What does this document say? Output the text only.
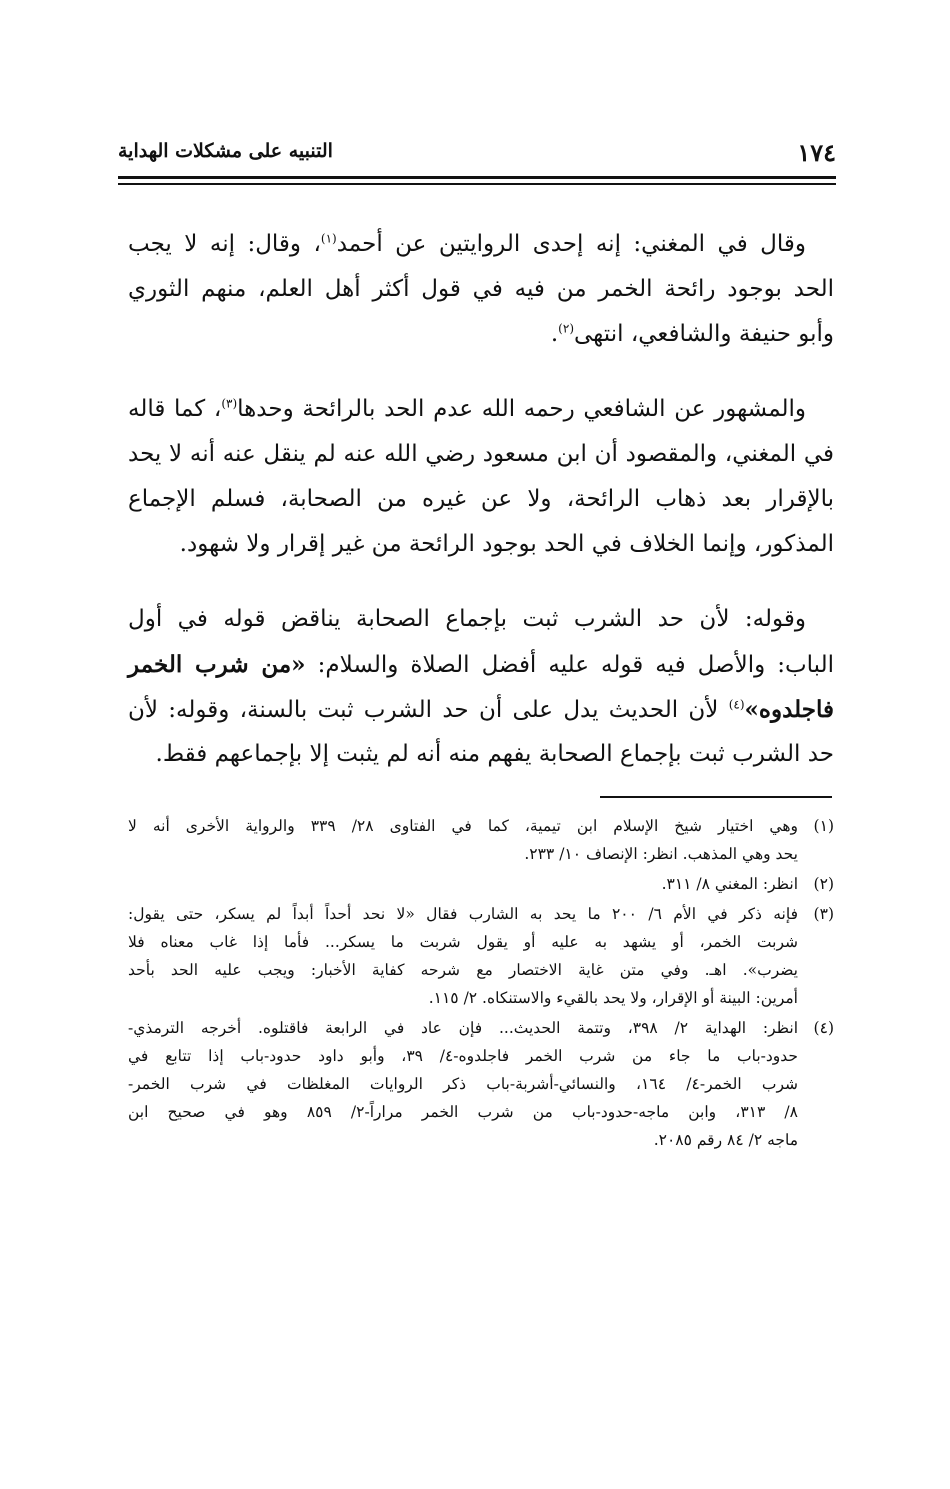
١٧٤
التنبيه على مشكلات الهداية
وقال في المغني: إنه إحدى الروايتين عن أحمد$^{(١)}$، وقال: إنه لا يجب
الحد بوجود رائحة الخمر من فيه في قول أكثر أهل العلم، منهم الثوري
وأبو حنيفة والشافعي، انتهى$^{(٢)}$.
والمشهور عن الشافعي رحمه الله عدم الحد بالرائحة وحدها$^{(٣)}$، كما قاله
في المغني، والمقصود أن ابن مسعود رضي الله عنه لم ينقل عنه أنه لا يحد
بالإقرار بعد ذهاب الرائحة، ولا عن غيره من الصحابة، فسلم الإجماع
المذكور، وإنما الخلاف في الحد بوجود الرائحة من غير إقرار ولا شهود.
وقوله: لأن حد الشرب ثبت بإجماع الصحابة يناقض قوله في أول
الباب: والأصل فيه قوله عليه أفضل الصلاة والسلام: «من شرب الخمر
فاجلدوه»$^{(٤)}$ لأن الحديث يدل على أن حد الشرب ثبت بالسنة، وقوله: لأن
حد الشرب ثبت بإجماع الصحابة يفهم منه أنه لم يثبت إلا بإجماعهم فقط.
(١)
وهي اختيار شيخ الإسلام ابن تيمية، كما في الفتاوى ٢٨/ ٣٣٩ والرواية الأخرى أنه لا
يحد وهي المذهب. انظر: الإنصاف ١٠/ ٢٣٣.
(٢)
انظر: المغني ٨/ ٣١١.
(٣)
فإنه ذكر في الأم ٦/ ٢٠٠ ما يحد به الشارب فقال «لا نحد أحداً أبداً لم يسكر، حتى يقول:
شربت الخمر، أو يشهد به عليه أو يقول شربت ما يسكر... فأما إذا غاب معناه فلا
يضرب». اهـ. وفي متن غاية الاختصار مع شرحه كفاية الأخبار: ويجب عليه الحد بأحد
أمرين: البينة أو الإقرار، ولا يحد بالقيء والاستنكاه. ٢/ ١١٥.
(٤)
انظر: الهداية ٢/ ٣٩٨، وتتمة الحديث... فإن عاد في الرابعة فاقتلوه. أخرجه الترمذي-
حدود-باب ما جاء من شرب الخمر فاجلدوه-٤/ ٣٩، وأبو داود حدود-باب إذا تتابع في
شرب الخمر-٤/ ١٦٤، والنسائي-أشربة-باب ذكر الروايات المغلظات في شرب الخمر-
٨/ ٣١٣، وابن ماجه-حدود-باب من شرب الخمر مراراً-٢/ ٨٥٩ وهو في صحيح ابن
ماجه ٢/ ٨٤ رقم ٢٠٨٥.
